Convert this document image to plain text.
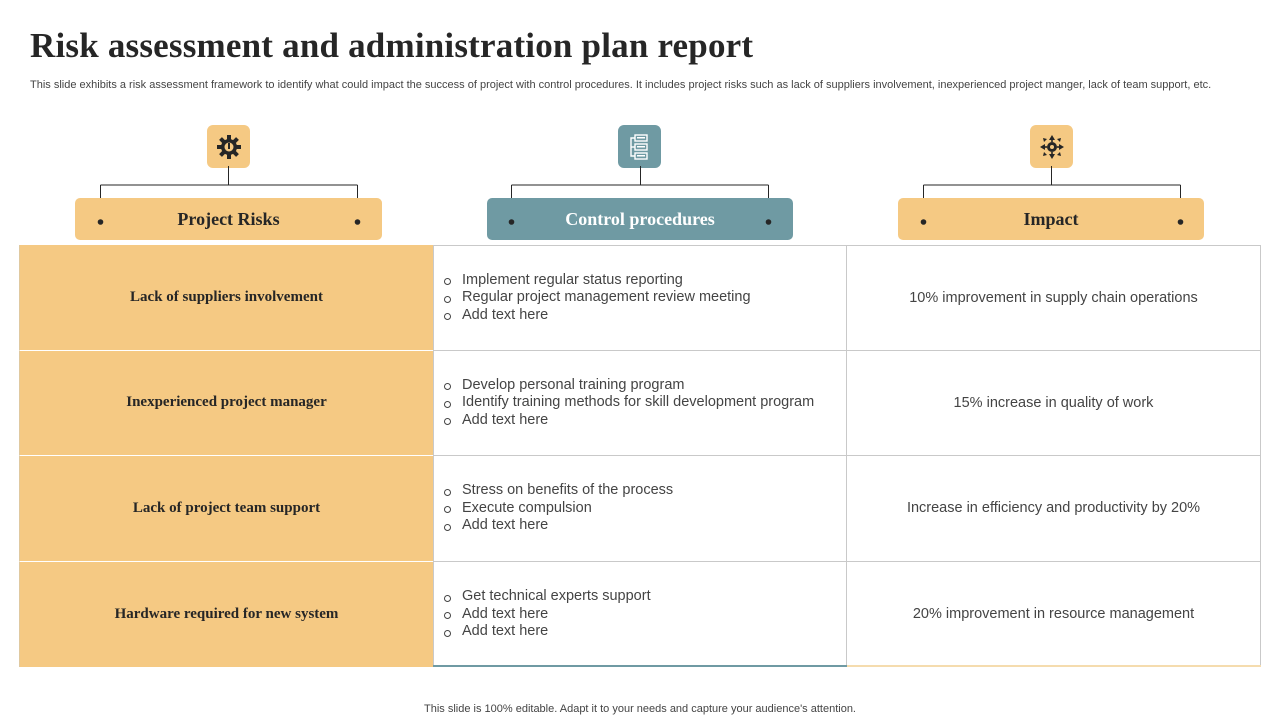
Risk assessment and administration plan report

This slide exhibits a risk assessment framework to identify what could impact the success of project with control procedures. It includes project risks such as lack of suppliers involvement, inexperienced project manger, lack of team support, etc.

Project Risks	Control procedures	Impact
Lack of suppliers involvement
Implement regular status reporting
Regular project management review meeting
Add text here
10% improvement in supply chain operations
Inexperienced project manager
Develop personal training program
Identify training methods for skill development program
Add text here
15% increase in quality of work
Lack of project team support
Stress on benefits of the process
Execute compulsion
Add text here
Increase in efficiency and productivity by 20%
Hardware required for new system
Get technical experts support
Add text here
Add text here
20% improvement in resource management
This slide is 100% editable. Adapt it to your needs and capture your audience's attention.
